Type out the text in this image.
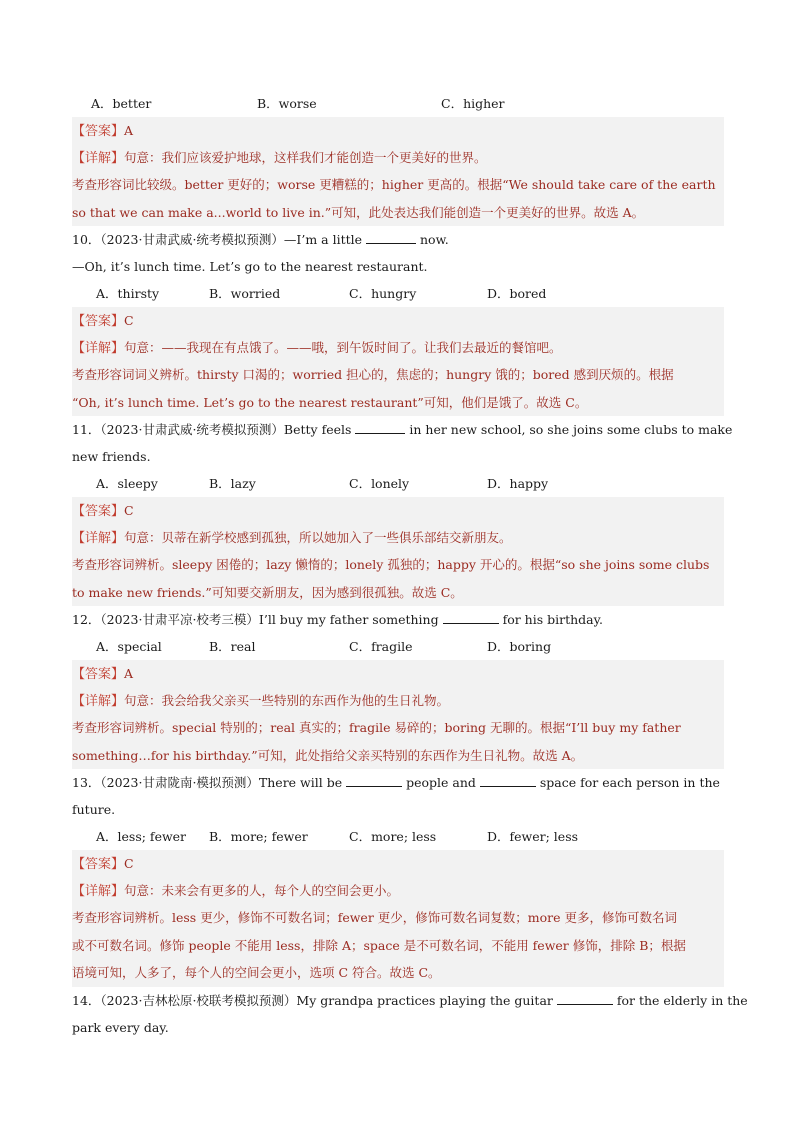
A．better	B．worse	C．higher
【答案】A
【详解】句意：我们应该爱护地球，这样我们才能创造一个更美好的世界。
考查形容词比较级。better 更好的；worse 更糟糕的；higher 更高的。根据“We should take care of the earth
so that we can make a...world to live in.”可知，此处表达我们能创造一个更美好的世界。故选 A。
10．（2023·甘肃武威·统考模拟预测）—I’m a little	now.
—Oh, it’s lunch time. Let’s go to the nearest restaurant.
A．thirsty	B．worried	C．hungry	D．bored
【答案】C
【详解】句意：——我现在有点饿了。——哦，到午饭时间了。让我们去最近的餐馆吧。
考查形容词词义辨析。thirsty 口渴的；worried 担心的，焦虑的；hungry 饿的；bored 感到厌烦的。根据
“Oh, it’s lunch time. Let’s go to the nearest restaurant”可知，他们是饿了。故选 C。
11．（2023·甘肃武威·统考模拟预测）Betty feels	in her new school, so she joins some clubs to make
new friends.
A．sleepy	B．lazy	C．lonely	D．happy
【答案】C
【详解】句意：贝蒂在新学校感到孤独，所以她加入了一些俱乐部结交新朋友。
考查形容词辨析。sleepy 困倦的；lazy 懒惰的；lonely 孤独的；happy 开心的。根据“so she joins some clubs
to make new friends.”可知要交新朋友，因为感到很孤独。故选 C。
12．（2023·甘肃平凉·校考三模）I’ll buy my father something	for his birthday.
A．special	B．real	C．fragile	D．boring
【答案】A
【详解】句意：我会给我父亲买一些特别的东西作为他的生日礼物。
考查形容词辨析。special 特别的；real 真实的；fragile 易碎的；boring 无聊的。根据“I’ll buy my father
something…for his birthday.”可知，此处指给父亲买特别的东西作为生日礼物。故选 A。
13．（2023·甘肃陇南·模拟预测）There will be	people and	space for each person in the
future.
A．less; fewer	B．more; fewer	C．more; less	D．fewer; less
【答案】C
【详解】句意：未来会有更多的人，每个人的空间会更小。
考查形容词辨析。less 更少，修饰不可数名词；fewer 更少，修饰可数名词复数；more 更多，修饰可数名词
或不可数名词。修饰 people 不能用 less，排除 A；space 是不可数名词，不能用 fewer 修饰，排除 B；根据
语境可知，人多了，每个人的空间会更小，选项 C 符合。故选 C。
14．（2023·吉林松原·校联考模拟预测）My grandpa practices playing the guitar	for the elderly in the
park every day.
